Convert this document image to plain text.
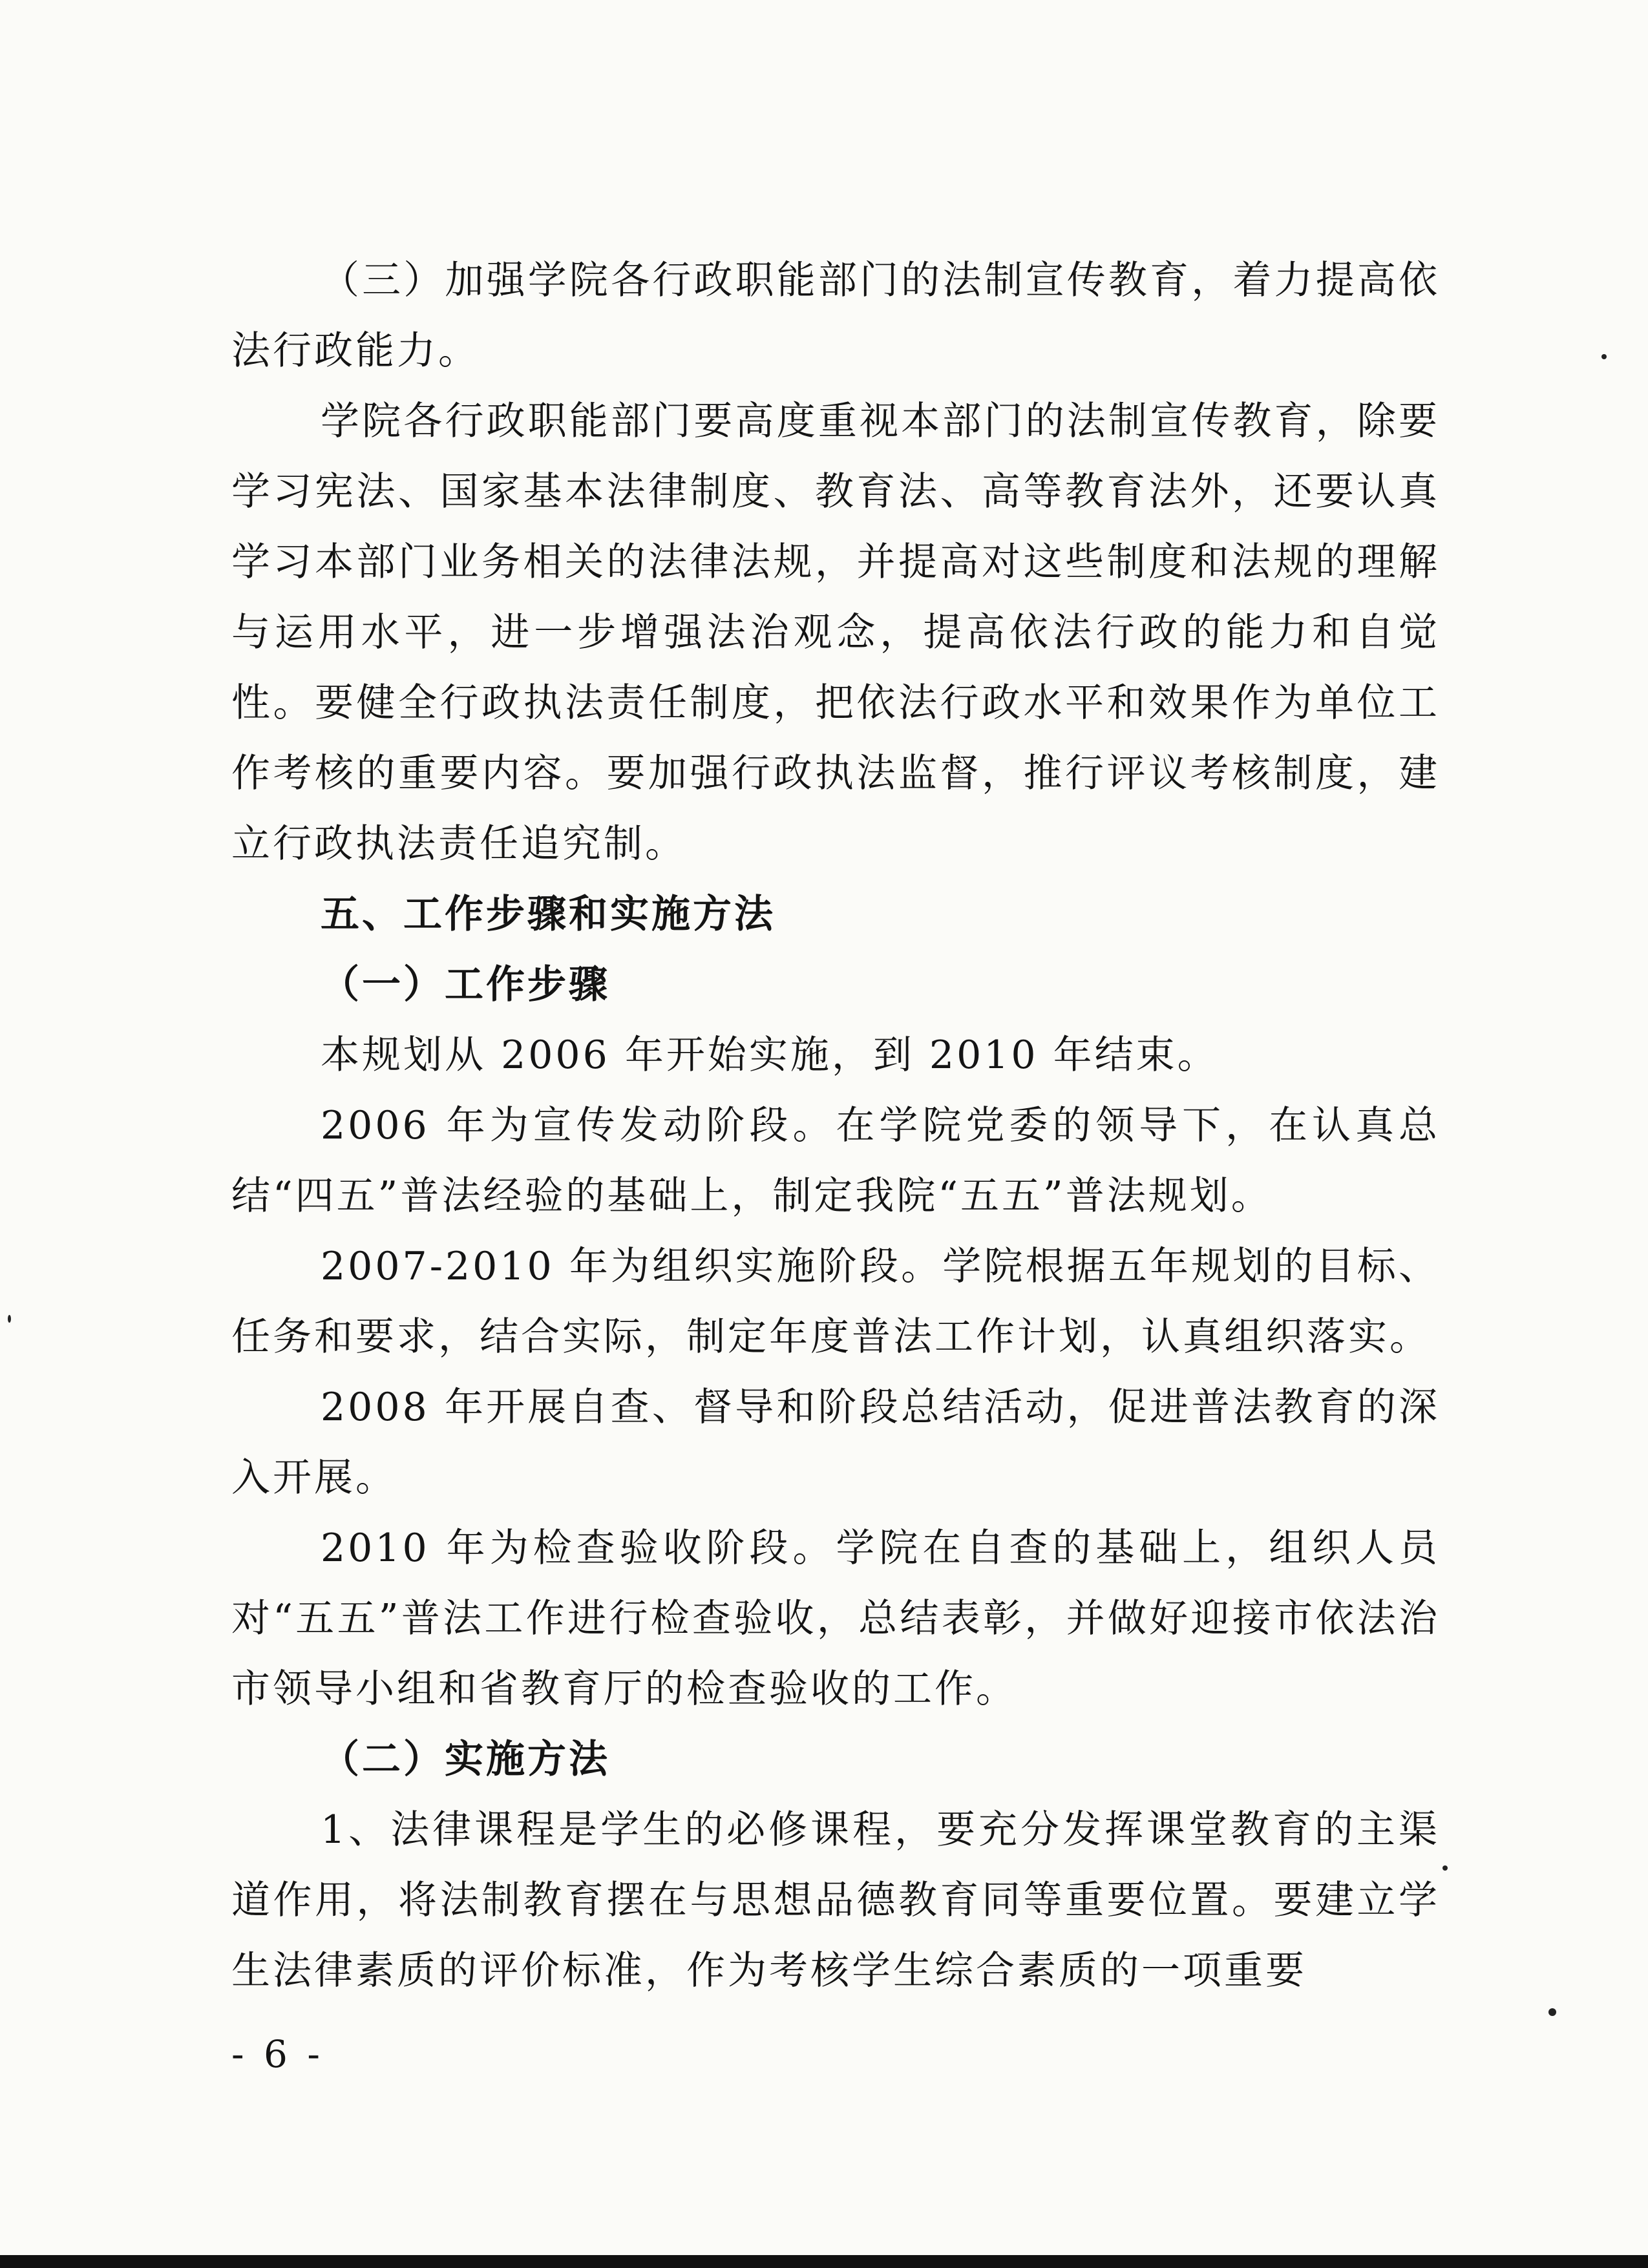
（三）加强学院各行政职能部门的法制宣传教育，着力提高依法行政能力。

学院各行政职能部门要高度重视本部门的法制宣传教育，除要学习宪法、国家基本法律制度、教育法、高等教育法外，还要认真学习本部门业务相关的法律法规，并提高对这些制度和法规的理解与运用水平，进一步增强法治观念，提高依法行政的能力和自觉性。要健全行政执法责任制度，把依法行政水平和效果作为单位工作考核的重要内容。要加强行政执法监督，推行评议考核制度，建立行政执法责任追究制。

五、工作步骤和实施方法

（一）工作步骤

本规划从 2006 年开始实施，到 2010 年结束。

2006 年为宣传发动阶段。在学院党委的领导下，在认真总结“四五”普法经验的基础上，制定我院“五五”普法规划。

2007-2010 年为组织实施阶段。学院根据五年规划的目标、任务和要求，结合实际，制定年度普法工作计划，认真组织落实。

2008 年开展自查、督导和阶段总结活动，促进普法教育的深入开展。

2010 年为检查验收阶段。学院在自查的基础上，组织人员对“五五”普法工作进行检查验收，总结表彰，并做好迎接市依法治市领导小组和省教育厅的检查验收的工作。

（二）实施方法

1、法律课程是学生的必修课程，要充分发挥课堂教育的主渠道作用，将法制教育摆在与思想品德教育同等重要位置。要建立学生法律素质的评价标准，作为考核学生综合素质的一项重要

- 6 -
